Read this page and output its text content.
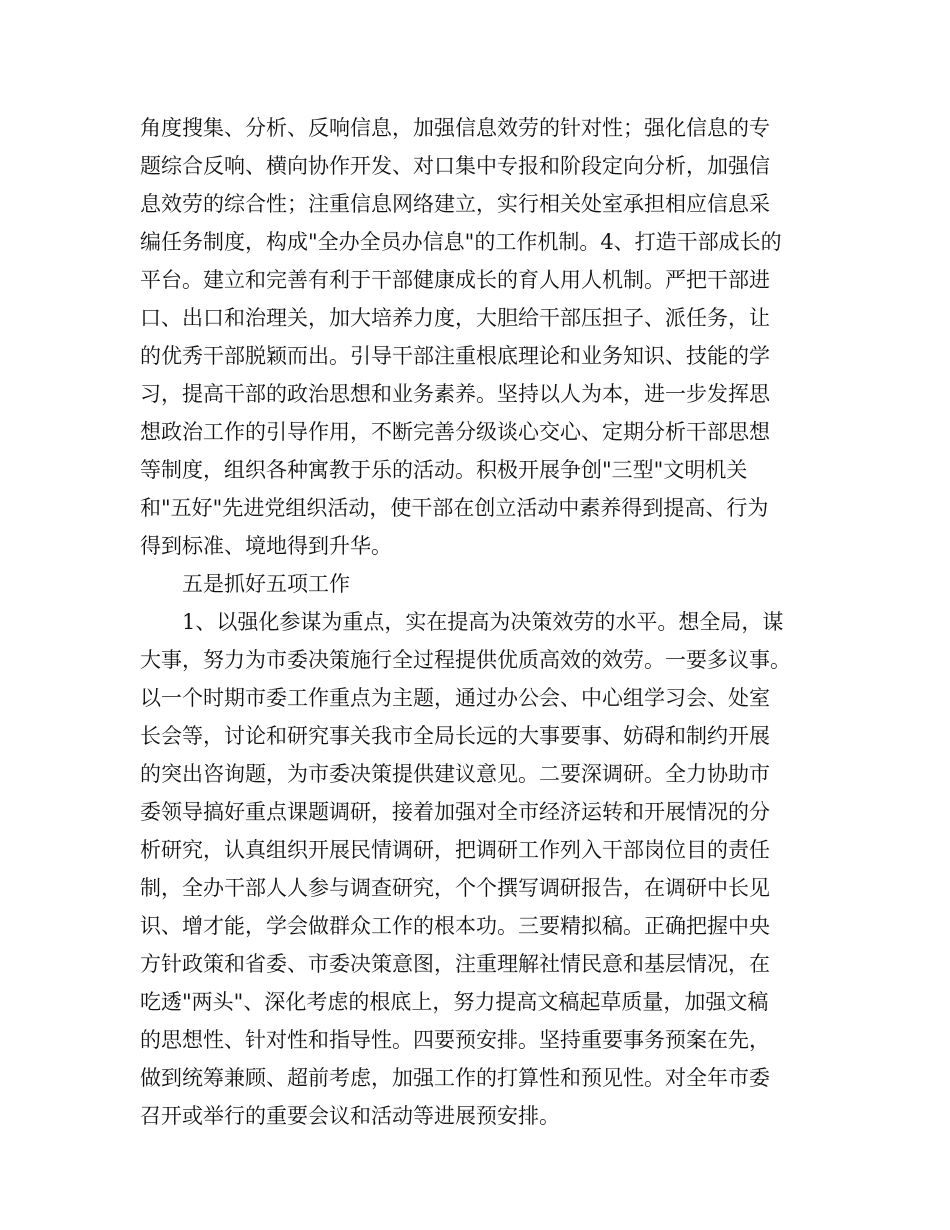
角度搜集、分析、反响信息，加强信息效劳的针对性；强化信息的专
题综合反响、横向协作开发、对口集中专报和阶段定向分析，加强信
息效劳的综合性；注重信息网络建立，实行相关处室承担相应信息采
编任务制度，构成"全办全员办信息"的工作机制。4、打造干部成长的
平台。建立和完善有利于干部健康成长的育人用人机制。严把干部进
口、出口和治理关，加大培养力度，大胆给干部压担子、派任务，让
的优秀干部脱颖而出。引导干部注重根底理论和业务知识、技能的学
习，提高干部的政治思想和业务素养。坚持以人为本，进一步发挥思
想政治工作的引导作用，不断完善分级谈心交心、定期分析干部思想
等制度，组织各种寓教于乐的活动。积极开展争创"三型"文明机关
和"五好"先进党组织活动，使干部在创立活动中素养得到提高、行为
得到标准、境地得到升华。
五是抓好五项工作
1、以强化参谋为重点，实在提高为决策效劳的水平。想全局，谋
大事，努力为市委决策施行全过程提供优质高效的效劳。一要多议事。
以一个时期市委工作重点为主题，通过办公会、中心组学习会、处室
长会等，讨论和研究事关我市全局长远的大事要事、妨碍和制约开展
的突出咨询题，为市委决策提供建议意见。二要深调研。全力协助市
委领导搞好重点课题调研，接着加强对全市经济运转和开展情况的分
析研究，认真组织开展民情调研，把调研工作列入干部岗位目的责任
制，全办干部人人参与调查研究，个个撰写调研报告，在调研中长见
识、增才能，学会做群众工作的根本功。三要精拟稿。正确把握中央
方针政策和省委、市委决策意图，注重理解社情民意和基层情况，在
吃透"两头"、深化考虑的根底上，努力提高文稿起草质量，加强文稿
的思想性、针对性和指导性。四要预安排。坚持重要事务预案在先，
做到统筹兼顾、超前考虑，加强工作的打算性和预见性。对全年市委
召开或举行的重要会议和活动等进展预安排。
